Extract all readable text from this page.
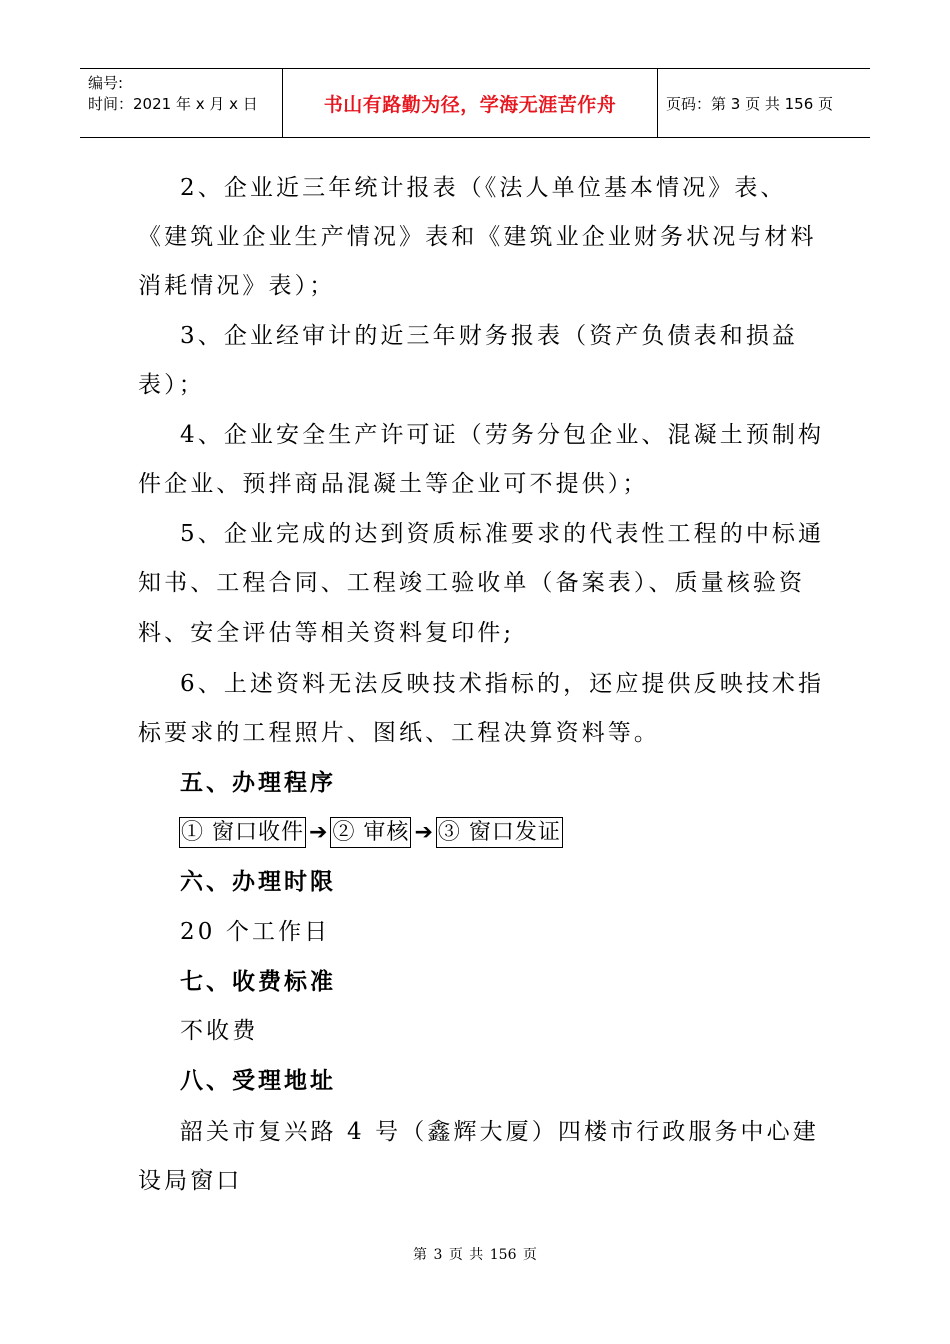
编号:
时间：2021 年 x 月 x 日	书山有路勤为径，学海无涯苦作舟	页码：第 3 页 共 156 页
2、企业近三年统计报表（《法人单位基本情况》表、
《建筑业企业生产情况》表和《建筑业企业财务状况与材料
消耗情况》表）；
3、企业经审计的近三年财务报表（资产负债表和损益
表）；
4、企业安全生产许可证（劳务分包企业、混凝土预制构
件企业、预拌商品混凝土等企业可不提供）；
5、企业完成的达到资质标准要求的代表性工程的中标通
知书、工程合同、工程竣工验收单（备案表）、质量核验资
料、安全评估等相关资料复印件;
6、上述资料无法反映技术指标的，还应提供反映技术指
标要求的工程照片、图纸、工程决算资料等。
五、办理程序
① 窗口收件 ➔ ② 审核 ➔ ③ 窗口发证
六、办理时限
20 个工作日
七、收费标准
不收费
八、受理地址
韶关市复兴路 4 号（鑫辉大厦）四楼市行政服务中心建
设局窗口
第 3 页 共 156 页
